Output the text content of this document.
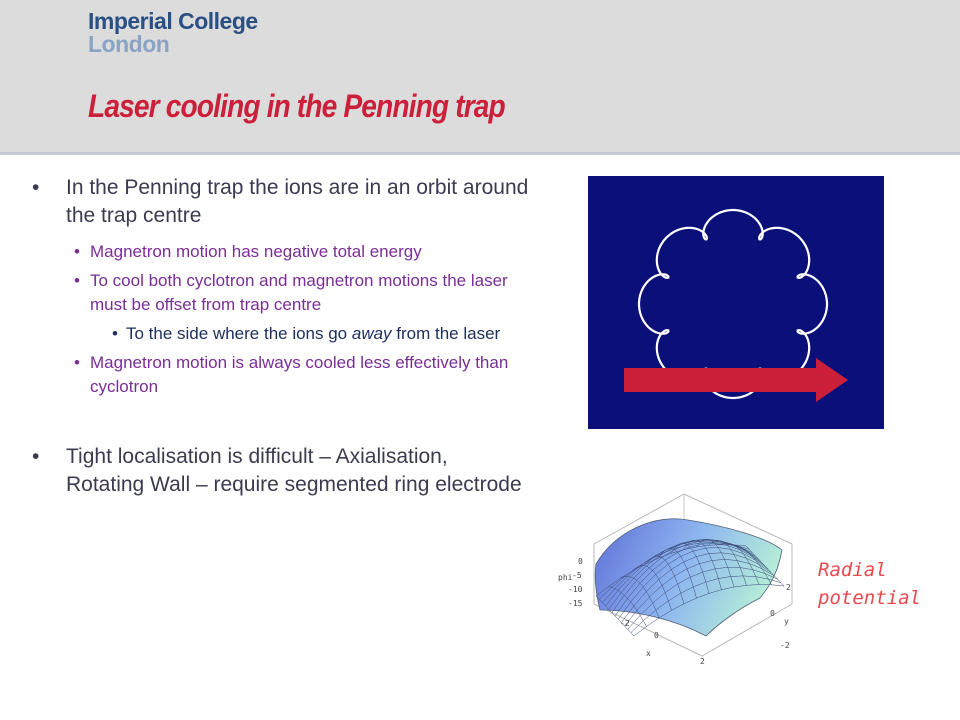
Imperial College
London
Laser cooling in the Penning trap
• In the Penning trap the ions are in an orbit around the trap centre
• Magnetron motion has negative total energy
• To cool both cyclotron and magnetron motions the laser must be offset from trap centre
• To the side where the ions go away from the laser
• Magnetron motion is always cooled less effectively than cyclotron
• Tight localisation is difficult – Axialisation, Rotating Wall – require segmented ring electrode
0
-5
-10
-15
phi
-2
0
2
x
-2
0
2
y
Radial
potential
